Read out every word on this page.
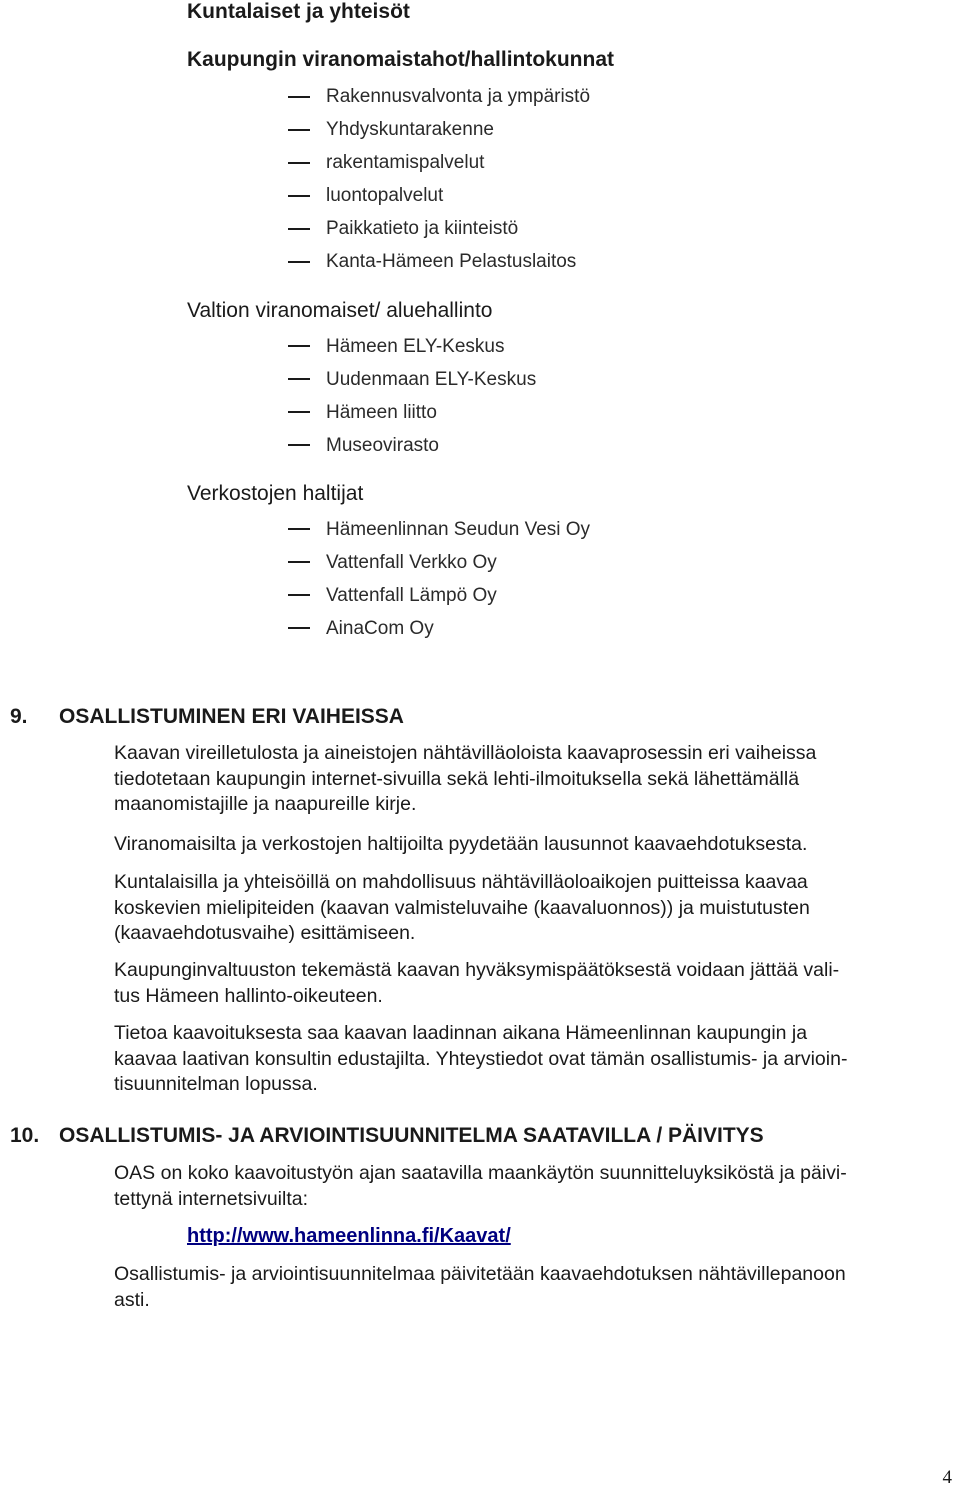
Kuntalaiset ja yhteisöt
Kaupungin viranomaistahot/hallintokunnat
Rakennusvalvonta ja ympäristö
Yhdyskuntarakenne
rakentamispalvelut
luontopalvelut
Paikkatieto ja kiinteistö
Kanta-Hämeen Pelastuslaitos
Valtion viranomaiset/ aluehallinto
Hämeen ELY-Keskus
Uudenmaan ELY-Keskus
Hämeen liitto
Museovirasto
Verkostojen haltijat
Hämeenlinnan Seudun Vesi Oy
Vattenfall Verkko Oy
Vattenfall Lämpö Oy
AinaCom Oy
9. OSALLISTUMINEN ERI VAIHEISSA
Kaavan vireilletulosta ja aineistojen nähtävilläoloista kaavaprosessin eri vaiheissa
tiedotetaan kaupungin internet-sivuilla sekä lehti-ilmoituksella sekä lähettämällä
maanomistajille ja naapureille kirje.
Viranomaisilta ja verkostojen haltijoilta pyydetään lausunnot kaavaehdotuksesta.
Kuntalaisilla ja yhteisöillä on mahdollisuus nähtävilläoloaikojen puitteissa kaavaa
koskevien mielipiteiden (kaavan valmisteluvaihe (kaavaluonnos)) ja muistutusten
(kaavaehdotusvaihe) esittämiseen.
Kaupunginvaltuuston tekemästä kaavan hyväksymispäätöksestä voidaan jättää vali-
tus Hämeen hallinto-oikeuteen.
Tietoa kaavoituksesta saa kaavan laadinnan aikana Hämeenlinnan kaupungin ja
kaavaa laativan konsultin edustajilta. Yhteystiedot ovat tämän osallistumis- ja arvioin-
tisuunnitelman lopussa.
10. OSALLISTUMIS- JA ARVIOINTISUUNNITELMA SAATAVILLA / PÄIVITYS
OAS on koko kaavoitustyön ajan saatavilla maankäytön suunnitteluyksiköstä ja päivi-
tettynä internetsivuilta:
http://www.hameenlinna.fi/Kaavat/
Osallistumis- ja arviointisuunnitelmaa päivitetään kaavaehdotuksen nähtävillepanoon
asti.
4
